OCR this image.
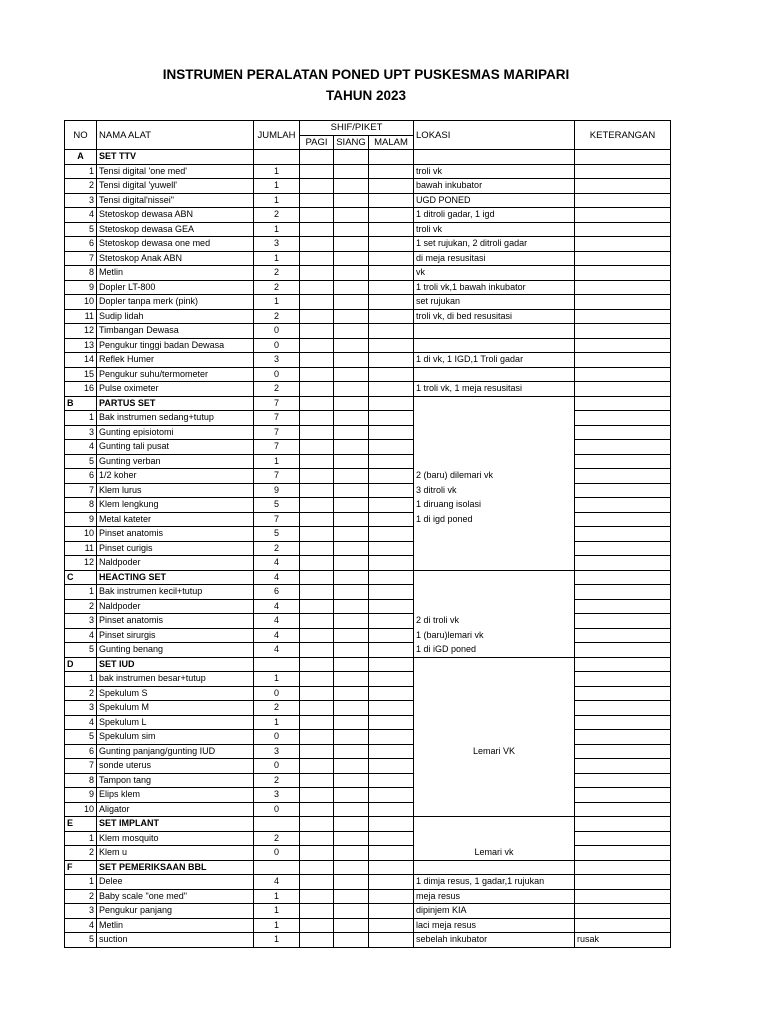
INSTRUMEN PERALATAN PONED UPT PUSKESMAS MARIPARI
TAHUN 2023
NO	NAMA ALAT	JUMLAH	SHIF/PIKET			LOKASI	KETERANGAN
			PAGI	SIANG	MALAM		
A	SET TTV						
1	Tensi digital 'one med'	1				troli vk	
2	Tensi digital 'yuwell'	1				bawah inkubator	
3	Tensi digital'nissei"	1				UGD PONED	
4	Stetoskop dewasa ABN	2				1 ditroli gadar, 1 igd	
5	Stetoskop dewasa GEA	1				troli vk	
6	Stetoskop dewasa one med	3				1 set rujukan, 2 ditroli gadar	
7	Stetoskop Anak ABN	1				di meja resusitasi	
8	Metlin	2				vk	
9	Dopler LT-800	2				1 troli vk,1 bawah inkubator	
10	Dopler tanpa merk (pink)	1				set rujukan	
11	Sudip lidah	2				troli vk, di bed resusitasi	
12	Timbangan Dewasa	0					
13	Pengukur tinggi badan Dewasa	0					
14	Reflek Humer	3				1 di vk, 1 IGD,1 Troli gadar	
15	Pengukur suhu/termometer	0					
16	Pulse oximeter	2				1 troli vk, 1 meja resusitasi	
B	PARTUS SET	7					
1	Bak instrumen sedang+tutup	7					
3	Gunting episiotomi	7					
4	Gunting tali pusat	7					
5	Gunting verban	1					
6	1/2 koher	7				2 (baru) dilemari vk	
7	Klem lurus	9				3 ditroli vk	
8	Klem lengkung	5				1 diruang isolasi	
9	Metal kateter	7				1 di igd poned	
10	Pinset anatomis	5					
11	Pinset curigis	2					
12	Naldpoder	4					
C	HEACTING SET	4					
1	Bak instrumen kecil+tutup	6					
2	Naldpoder	4					
3	Pinset anatomis	4				2 di troli vk	
4	Pinset sirurgis	4				1 (baru)lemari vk	
5	Gunting benang	4				1 di iGD poned	
D	SET IUD						
1	bak instrumen besar+tutup	1					
2	Spekulum S	0					
3	Spekulum M	2					
4	Spekulum L	1					
5	Spekulum sim	0					
6	Gunting panjang/gunting IUD	3				Lemari VK	
7	sonde uterus	0					
8	Tampon tang	2					
9	Elips klem	3					
10	Aligator	0					
E	SET IMPLANT						
1	Klem mosquito	2					
2	Klem u	0				Lemari vk	
F	SET PEMERIKSAAN BBL						
1	Delee	4				1 dimja resus, 1 gadar,1 rujukan	
2	Baby scale "one med"	1				meja resus	
3	Pengukur panjang	1				dipinjem KIA	
4	Metlin	1				laci meja resus	
5	suction	1				sebelah inkubator	rusak
